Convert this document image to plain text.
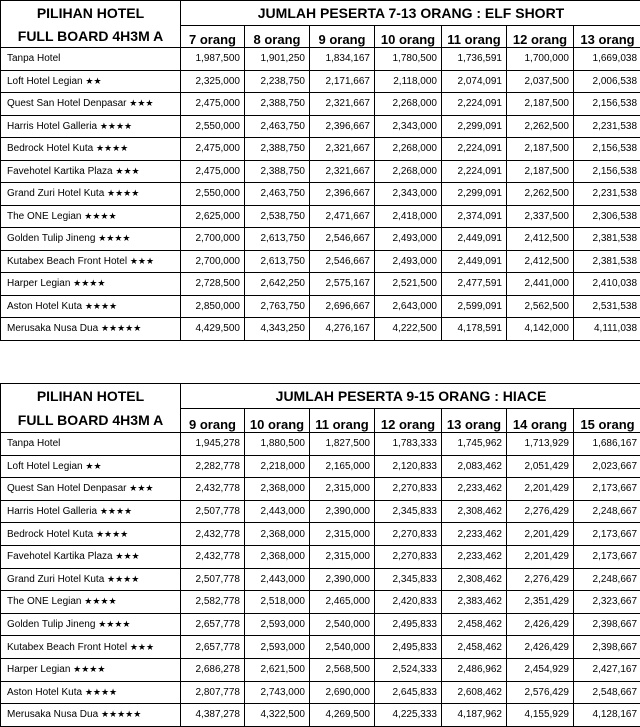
PILIHAN HOTEL	JUMLAH PESERTA 7-13 ORANG : ELF SHORT						
FULL BOARD 4H3M A	7 orang	8 orang	9 orang	10 orang	11 orang	12 orang	13 orang
Tanpa Hotel	1,987,500	1,901,250	1,834,167	1,780,500	1,736,591	1,700,000	1,669,038
Loft Hotel Legian ★★	2,325,000	2,238,750	2,171,667	2,118,000	2,074,091	2,037,500	2,006,538
Quest San Hotel Denpasar ★★★	2,475,000	2,388,750	2,321,667	2,268,000	2,224,091	2,187,500	2,156,538
Harris Hotel Galleria ★★★★	2,550,000	2,463,750	2,396,667	2,343,000	2,299,091	2,262,500	2,231,538
Bedrock Hotel Kuta ★★★★	2,475,000	2,388,750	2,321,667	2,268,000	2,224,091	2,187,500	2,156,538
Favehotel Kartika Plaza ★★★	2,475,000	2,388,750	2,321,667	2,268,000	2,224,091	2,187,500	2,156,538
Grand Zuri Hotel Kuta ★★★★	2,550,000	2,463,750	2,396,667	2,343,000	2,299,091	2,262,500	2,231,538
The ONE Legian ★★★★	2,625,000	2,538,750	2,471,667	2,418,000	2,374,091	2,337,500	2,306,538
Golden Tulip Jineng ★★★★	2,700,000	2,613,750	2,546,667	2,493,000	2,449,091	2,412,500	2,381,538
Kutabex Beach Front Hotel ★★★	2,700,000	2,613,750	2,546,667	2,493,000	2,449,091	2,412,500	2,381,538
Harper Legian ★★★★	2,728,500	2,642,250	2,575,167	2,521,500	2,477,591	2,441,000	2,410,038
Aston Hotel Kuta ★★★★	2,850,000	2,763,750	2,696,667	2,643,000	2,599,091	2,562,500	2,531,538
Merusaka Nusa Dua ★★★★★	4,429,500	4,343,250	4,276,167	4,222,500	4,178,591	4,142,000	4,111,038
PILIHAN HOTEL	JUMLAH PESERTA 9-15 ORANG : HIACE						
FULL BOARD 4H3M A	9 orang	10 orang	11 orang	12 orang	13 orang	14 orang	15 orang
Tanpa Hotel	1,945,278	1,880,500	1,827,500	1,783,333	1,745,962	1,713,929	1,686,167
Loft Hotel Legian ★★	2,282,778	2,218,000	2,165,000	2,120,833	2,083,462	2,051,429	2,023,667
Quest San Hotel Denpasar ★★★	2,432,778	2,368,000	2,315,000	2,270,833	2,233,462	2,201,429	2,173,667
Harris Hotel Galleria ★★★★	2,507,778	2,443,000	2,390,000	2,345,833	2,308,462	2,276,429	2,248,667
Bedrock Hotel Kuta ★★★★	2,432,778	2,368,000	2,315,000	2,270,833	2,233,462	2,201,429	2,173,667
Favehotel Kartika Plaza ★★★	2,432,778	2,368,000	2,315,000	2,270,833	2,233,462	2,201,429	2,173,667
Grand Zuri Hotel Kuta ★★★★	2,507,778	2,443,000	2,390,000	2,345,833	2,308,462	2,276,429	2,248,667
The ONE Legian ★★★★	2,582,778	2,518,000	2,465,000	2,420,833	2,383,462	2,351,429	2,323,667
Golden Tulip Jineng ★★★★	2,657,778	2,593,000	2,540,000	2,495,833	2,458,462	2,426,429	2,398,667
Kutabex Beach Front Hotel ★★★	2,657,778	2,593,000	2,540,000	2,495,833	2,458,462	2,426,429	2,398,667
Harper Legian ★★★★	2,686,278	2,621,500	2,568,500	2,524,333	2,486,962	2,454,929	2,427,167
Aston Hotel Kuta ★★★★	2,807,778	2,743,000	2,690,000	2,645,833	2,608,462	2,576,429	2,548,667
Merusaka Nusa Dua ★★★★★	4,387,278	4,322,500	4,269,500	4,225,333	4,187,962	4,155,929	4,128,167
